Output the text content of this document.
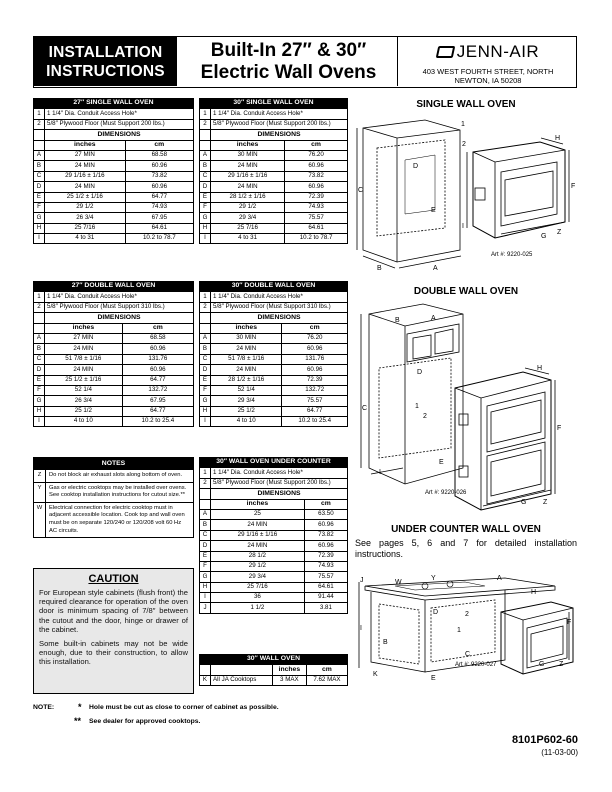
INSTALLATION
INSTRUCTIONS
Built-In 27″ & 30″
Electric Wall Ovens
JENN-AIR
403 WEST FOURTH STREET, NORTH
NEWTON, IA 50208
27″ SINGLE WALL OVEN		
1	1 1/4″ Dia. Conduit Access Hole*	
2	5/8″ Plywood Floor (Must Support 200 lbs.)	
	DIMENSIONS	
	inches	cm
A	27 MIN	68.58
B	24 MIN	60.96
C	29 1/16 ± 1/16	73.82
D	24 MIN	60.96
E	25 1/2 ± 1/16	64.77
F	29 1/2	74.93
G	26 3/4	67.95
H	25 7/16	64.61
I	4 to 31	10.2 to 78.7
30″ SINGLE WALL OVEN		
1	1 1/4″ Dia. Conduit Access Hole*	
2	5/8″ Plywood Floor (Must Support 200 lbs.)	
	DIMENSIONS	
	inches	cm
A	30 MIN	76.20
B	24 MIN	60.96
C	29 1/16 ± 1/16	73.82
D	24 MIN	60.96
E	28 1/2 ± 1/16	72.39
F	29 1/2	74.93
G	29 3/4	75.57
H	25 7/16	64.61
I	4 to 31	10.2 to 78.7
27″ DOUBLE WALL OVEN		
1	1 1/4″ Dia. Conduit Access Hole*	
2	5/8″ Plywood Floor (Must Support 310 lbs.)	
	DIMENSIONS	
	inches	cm
A	27 MIN	68.58
B	24 MIN	60.96
C	51 7/8 ± 1/16	131.76
D	24 MIN	60.96
E	25 1/2 ± 1/16	64.77
F	52 1/4	132.72
G	26 3/4	67.95
H	25 1/2	64.77
I	4 to 10	10.2 to 25.4
30″ DOUBLE WALL OVEN		
1	1 1/4″ Dia. Conduit Access Hole*	
2	5/8″ Plywood Floor (Must Support 310 lbs.)	
	DIMENSIONS	
	inches	cm
A	30 MIN	76.20
B	24 MIN	60.96
C	51 7/8 ± 1/16	131.76
D	24 MIN	60.96
E	28 1/2 ± 1/16	72.39
F	52 1/4	132.72
G	29 3/4	75.57
H	25 1/2	64.77
I	4 to 10	10.2 to 25.4
30″ WALL OVEN UNDER COUNTER		
1	1 1/4″ Dia. Conduit Access Hole*	
2	5/8″ Plywood Floor (Must Support 200 lbs.)	
	DIMENSIONS	
	inches	cm
A	25	63.50
B	24 MIN	60.96
C	29 1/16 ± 1/16	73.82
D	24 MIN	60.96
E	28 1/2	72.39
F	29 1/2	74.93
G	29 3/4	75.57
H	25 7/16	64.61
I	36	91.44
J	1 1/2	3.81
30″ WALL OVEN			
		inches	cm
K	All JA Cooktops	3 MAX	7.62 MAX
NOTES
Z	Do not block air exhaust slots along bottom of oven.
Y	Gas or electric cooktops may be installed over ovens. See cooktop installation instructions for cutout size.**
W	Electrical connection for electric cooktop must in adjacent accessible location. Cook top and wall oven must be on separate 120/240 or 120/208 volt 60 Hz AC circuits.
CAUTION

For European style cabinets (flush front) the required clearance for operation of the oven door is minimum spacing of 7/8″ between the cutout and the door, hinge or drawer of the cabinet.

Some built-in cabinets may not be wide enough, due to their construction, to allow this installation.

SINGLE WALL OVEN
DOUBLE WALL OVEN
UNDER COUNTER WALL OVEN
See pages 5, 6 and 7 for detailed installation instructions.
C
B	A
E
D
H
F
G
Z
1
2
I
Art #: 9220-025
C
B	A
D
E
F
H
G Z
1
2
I
Art #: 9220-026
J	W
Y	A
H
F
B
I
D
1
2
C
E
K
G Z
Art #: 9220-027
NOTE:	* Hole must be cut as close to corner of cabinet as possible.
** See dealer for approved cooktops.
8101P602-60
(11-03-00)
